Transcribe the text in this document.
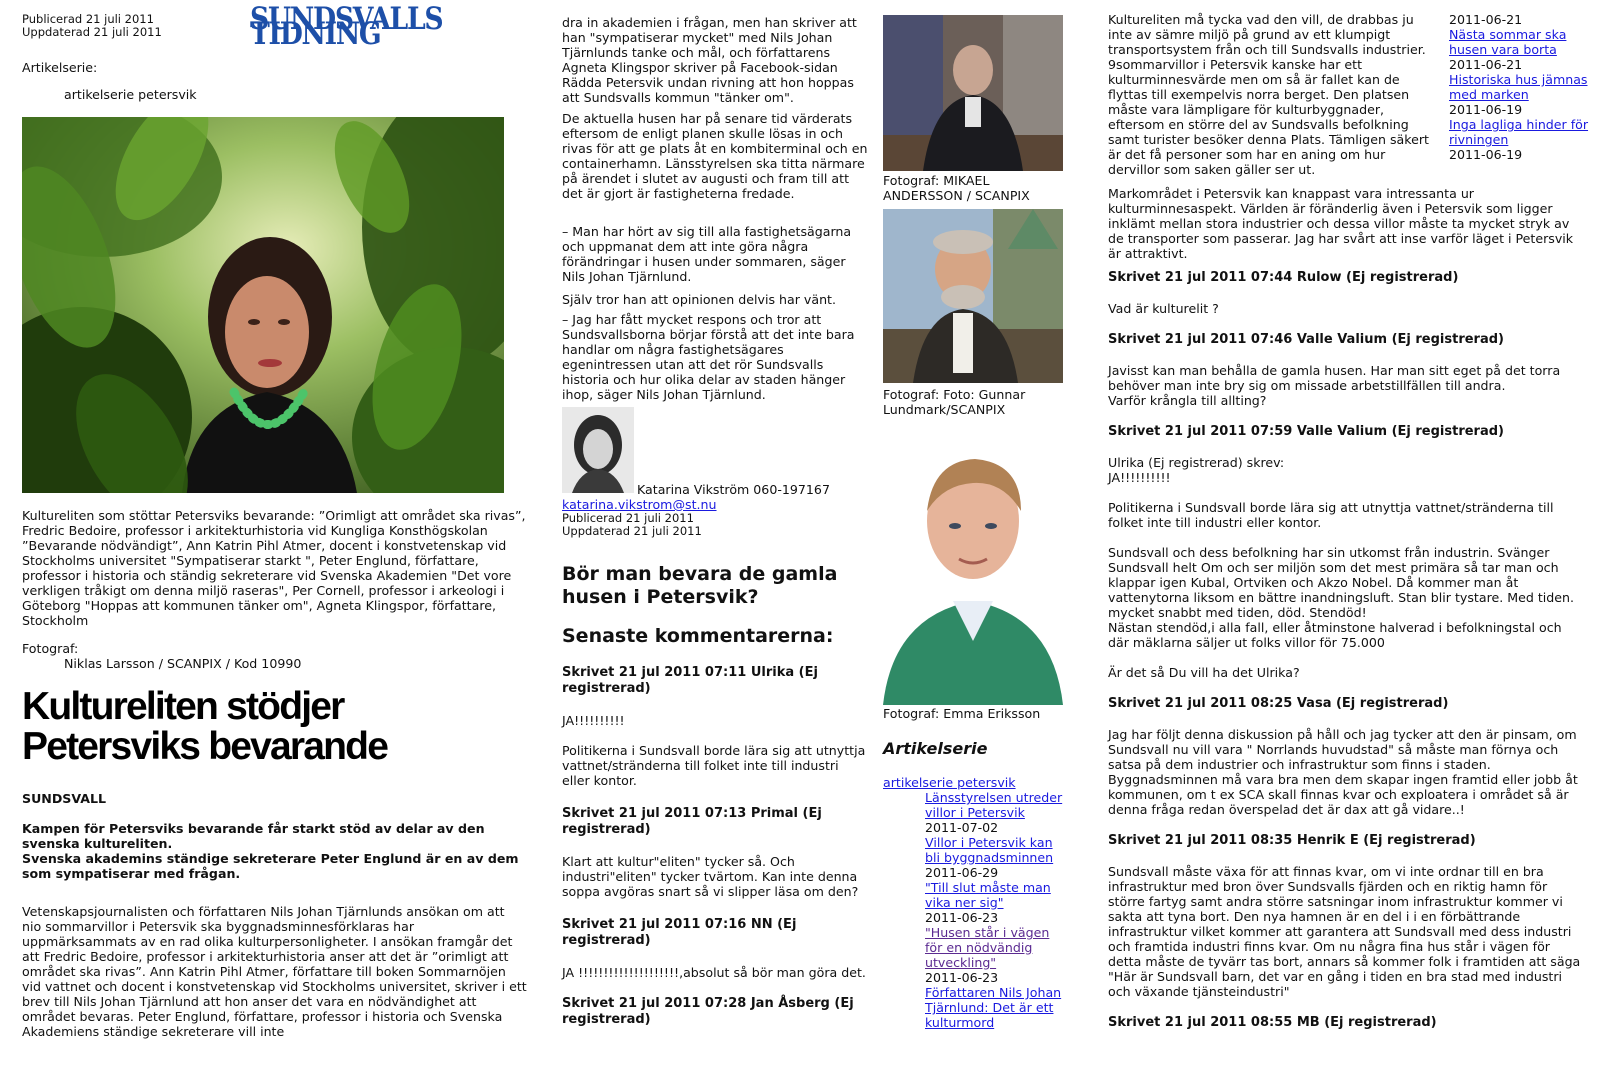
Publicerad 21 juli 2011

Uppdaterad 21 juli 2011	SUNDSVALLS TIDNING

Artikelserie:

artikelserie petersvik

Kultureliten som stöttar Petersviks bevarande: ”Orimligt att området ska rivas”, Fredric Bedoire, professor i arkitekturhistoria vid Kungliga Konsthögskolan ”Bevarande nödvändigt”, Ann Katrin Pihl Atmer, docent i konstvetenskap vid Stockholms universitet "Sympatiserar starkt ", Peter Englund, författare, professor i historia och ständig sekreterare vid Svenska Akademien "Det vore verkligen tråkigt om denna miljö raseras", Per Cornell, professor i arkeologi i Göteborg "Hoppas att kommunen tänker om", Agneta Klingspor, författare, Stockholm

Fotograf:

Niklas Larsson / SCANPIX / Kod 10990

Kultureliten stödjer
Petersviks bevarande

SUNDSVALL

Kampen för Petersviks bevarande får starkt stöd av delar av den svenska kultureliten.
Svenska akademins ständige sekreterare Peter Englund är en av dem som sympatiserar med frågan.

Vetenskapsjournalisten och författaren Nils Johan Tjärnlunds ansökan om att nio sommarvillor i Petersvik ska byggnadsminnesförklaras har uppmärksammats av en rad olika kulturpersonligheter. I ansökan framgår det att Fredric Bedoire, professor i arkitekturhistoria anser att det är ”orimligt att området ska rivas”. Ann Katrin Pihl Atmer, författare till boken Sommarnöjen vid vattnet och docent i konstvetenskap vid Stockholms universitet, skriver i ett brev till Nils Johan Tjärnlund att hon anser det vara en nödvändighet att området bevaras. Peter Englund, författare, professor i historia och Svenska Akademiens ständige sekreterare vill inte

dra in akademien i frågan, men han skriver att han "sympatiserar mycket" med Nils Johan Tjärnlunds tanke och mål, och författarens Agneta Klingspor skriver på Facebook-sidan Rädda Petersvik undan rivning att hon hoppas att Sundsvalls kommun "tänker om".

De aktuella husen har på senare tid värderats eftersom de enligt planen skulle lösas in och rivas för att ge plats åt en kombiterminal och en containerhamn. Länsstyrelsen ska titta närmare på ärendet i slutet av augusti och fram till att det är gjort är fastigheterna fredade.

– Man har hört av sig till alla fastighetsägarna och uppmanat dem att inte göra några förändringar i husen under sommaren, säger Nils Johan Tjärnlund.

Själv tror han att opinionen delvis har vänt.

– Jag har fått mycket respons och tror att Sundsvallsborna börjar förstå att det inte bara handlar om några fastighetsägares egenintressen utan att det rör Sundsvalls historia och hur olika delar av staden hänger ihop, säger Nils Johan Tjärnlund.

Katarina Vikström 060-197167

katarina.vikstrom@st.nu

Publicerad 21 juli 2011

Uppdaterad 21 juli 2011

Bör man bevara de gamla husen i Petersvik?

Senaste kommentarerna:

Skrivet 21 jul 2011 07:11 Ulrika (Ej registrerad)

JA!!!!!!!!!!

Politikerna i Sundsvall borde lära sig att utnyttja vattnet/stränderna till folket inte till industri eller kontor.

Skrivet 21 jul 2011 07:13 Primal (Ej registrerad)

Klart att kultur"eliten" tycker så. Och industri"eliten" tycker tvärtom. Kan inte denna soppa avgöras snart så vi slipper läsa om den?

Skrivet 21 jul 2011 07:16 NN (Ej registrerad)

JA !!!!!!!!!!!!!!!!!!!!,absolut så bör man göra det.

Skrivet 21 jul 2011 07:28 Jan Åsberg (Ej registrerad)

Fotograf: MIKAEL ANDERSSON / SCANPIX

Fotograf: Foto: Gunnar Lundmark/SCANPIX

Fotograf: Emma Eriksson

Artikelserie

artikelserie petersvik
Länsstyrelsen utreder villor i Petersvik

2011-07-02

Villor i Petersvik kan bli byggnadsminnen

2011-06-29

"Till slut måste man vika ner sig"

2011-06-23

"Husen står i vägen för en nödvändig utveckling"

2011-06-23

Författaren Nils Johan Tjärnlund: Det är ett kulturmord

Kultureliten må tycka vad den vill, de drabbas ju inte av sämre miljö på grund av ett klumpigt transportsystem från och till Sundsvalls industrier. 9sommarvillor i Petersvik kanske har ett kulturminnesvärde men om så är fallet kan de flyttas till exempelvis norra berget. Den platsen måste vara lämpligare för kulturbyggnader, eftersom en större del av Sundsvalls befolkning samt turister besöker denna Plats. Tämligen säkert är det få personer som har en aning om hur dervillor som saken gäller ser ut.

2011-06-21

Nästa sommar ska husen vara borta

2011-06-21

Historiska hus jämnas med marken

2011-06-19

Inga lagliga hinder för rivningen

2011-06-19

Markområdet i Petersvik kan knappast vara intressanta ur kulturminnesaspekt. Världen är föränderlig även i Petersvik som ligger inklämt mellan stora industrier och dessa villor måste ta mycket stryk av de transporter som passerar. Jag har svårt att inse varför läget i Petersvik är attraktivt.

Skrivet 21 jul 2011 07:44 Rulow (Ej registrerad)

Vad är kulturelit ?

Skrivet 21 jul 2011 07:46 Valle Valium (Ej registrerad)

Javisst kan man behålla de gamla husen. Har man sitt eget på det torra behöver man inte bry sig om missade arbetstillfällen till andra.
Varför krångla till allting?

Skrivet 21 jul 2011 07:59 Valle Valium (Ej registrerad)

Ulrika (Ej registrerad) skrev:
JA!!!!!!!!!!

Politikerna i Sundsvall borde lära sig att utnyttja vattnet/stränderna till folket inte till industri eller kontor.

Sundsvall och dess befolkning har sin utkomst från industrin. Svänger Sundsvall helt Om och ser miljön som det mest primära så tar man och klappar igen Kubal, Ortviken och Akzo Nobel. Då kommer man åt vattenytorna liksom en bättre inandningsluft. Stan blir tystare. Med tiden. mycket snabbt med tiden, död. Stendöd!
Nästan stendöd,i alla fall, eller åtminstone halverad i befolkningstal och där mäklarna säljer ut folks villor för 75.000

Är det så Du vill ha det Ulrika?

Skrivet 21 jul 2011 08:25 Vasa (Ej registrerad)

Jag har följt denna diskussion på håll och jag tycker att den är pinsam, om Sundsvall nu vill vara " Norrlands huvudstad" så måste man förnya och satsa på dem industrier och infrastruktur som finns i staden.
Byggnadsminnen må vara bra men dem skapar ingen framtid eller jobb åt kommunen, om t ex SCA skall finnas kvar och exploatera i området så är denna fråga redan överspelad det är dax att gå vidare..!

Skrivet 21 jul 2011 08:35 Henrik E (Ej registrerad)

Sundsvall måste växa för att finnas kvar, om vi inte ordnar till en bra infrastruktur med bron över Sundsvalls fjärden och en riktig hamn för större fartyg samt andra större satsningar inom infrastruktur kommer vi sakta att tyna bort. Den nya hamnen är en del i i en förbättrande infrastruktur vilket kommer att garantera att Sundsvall med dess industri och framtida industri finns kvar. Om nu några fina hus står i vägen för detta måste de tyvärr tas bort, annars så kommer folk i framtiden att säga "Här är Sundsvall barn, det var en gång i tiden en bra stad med industri och växande tjänsteindustri"

Skrivet 21 jul 2011 08:55 MB (Ej registrerad)
